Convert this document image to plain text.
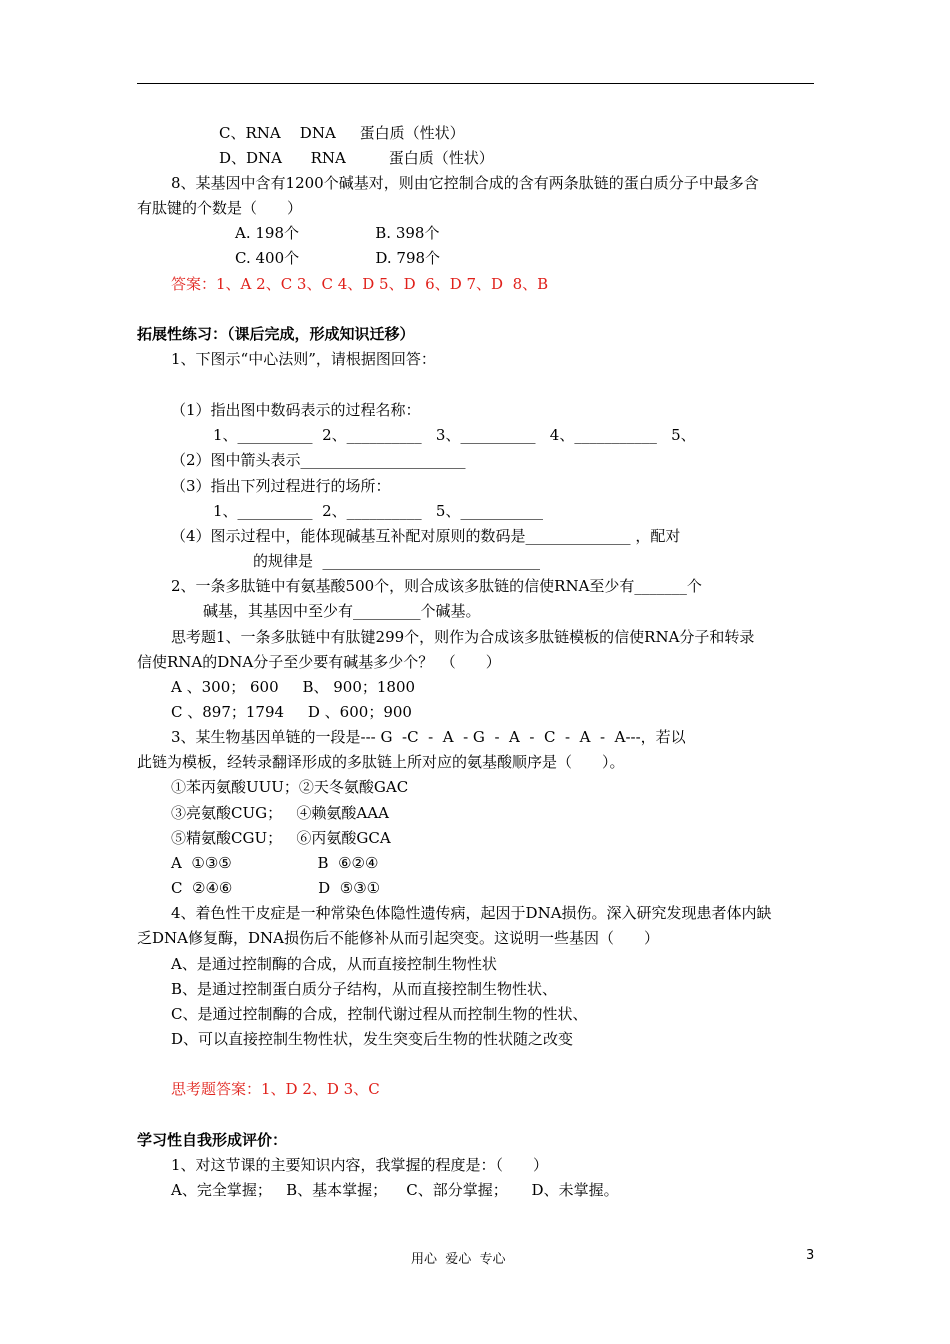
C、RNA    DNA     蛋白质（性状）
D、DNA      RNA         蛋白质（性状）
8、某基因中含有1200个碱基对，则由它控制合成的含有两条肽链的蛋白质分子中最多含
有肽键的个数是（　　）
A. 198个                B. 398个
C. 400个                D. 798个
答案：1、A 2、C 3、C 4、D 5、D  6、D 7、D  8、B
拓展性练习：（课后完成，形成知识迁移）
1、下图示“中心法则”，请根据图回答：
（1）指出图中数码表示的过程名称：
1、__________  2、__________   3、__________   4、___________   5、
（2）图中箭头表示______________________
（3）指出下列过程进行的场所：
1、__________  2、__________   5、___________
（4）图示过程中，能体现碱基互补配对原则的数码是______________ ，配对
的规律是  _____________________________
2、一条多肽链中有氨基酸500个，则合成该多肽链的信使RNA至少有_______个
碱基，其基因中至少有_________个碱基。
思考题1、一条多肽链中有肽键299个，则作为合成该多肽链模板的信使RNA分子和转录
信使RNA的DNA分子至少要有碱基多少个？　（　　）
A 、300； 600     B、 900；1800
C 、897；1794     D 、600；900
3、某生物基因单链的一段是--- G  -C  -  A  - G  -  A  -  C  -  A  -  A---，若以
此链为模板，经转录翻译形成的多肽链上所对应的氨基酸顺序是（　　）。
①苯丙氨酸UUU；②天冬氨酸GAC
③亮氨酸CUG；   ④赖氨酸AAA
⑤精氨酸CGU；   ⑥丙氨酸GCA
A  ①③⑤                  B  ⑥②④
C  ②④⑥                  D  ⑤③①
4、着色性干皮症是一种常染色体隐性遗传病，起因于DNA损伤。深入研究发现患者体内缺
乏DNA修复酶，DNA损伤后不能修补从而引起突变。这说明一些基因（　　）
A、是通过控制酶的合成，从而直接控制生物性状
B、是通过控制蛋白质分子结构，从而直接控制生物性状、
C、是通过控制酶的合成，控制代谢过程从而控制生物的性状、
D、可以直接控制生物性状，发生突变后生物的性状随之改变
思考题答案：1、D 2、D 3、C
学习性自我形成评价：
1、对这节课的主要知识内容，我掌握的程度是：（　　）
A、完全掌握；   B、基本掌握；    C、部分掌握；     D、未掌握。
用心  爱心  专心	3
